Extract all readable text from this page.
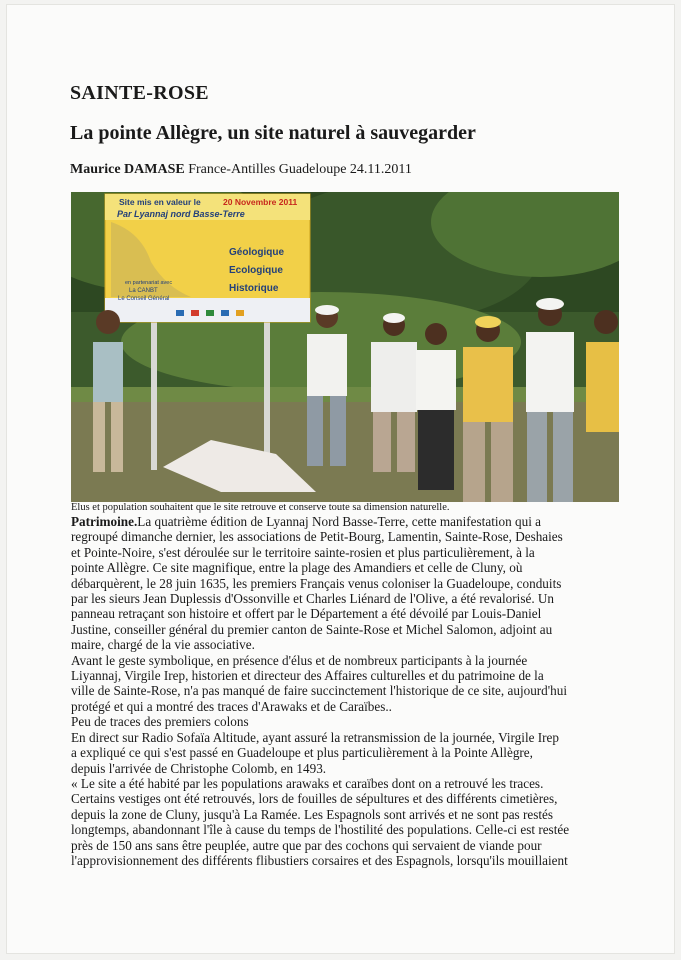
SAINTE-ROSE
La pointe Allègre, un site naturel à sauvegarder
Maurice DAMASE France-Antilles Guadeloupe 24.11.2011
Site mis en valeur le	20 Novembre 2011
Par Lyannaj nord Basse-Terre
Géologique
Ecologique
Historique
en partenariat avec
La CANBT
Le Conseil Général
Elus et population souhaitent que le site retrouve et conserve toute sa dimension naturelle.

Patrimoine.La quatrième édition de Lyannaj Nord Basse-Terre, cette manifestation qui a

regroupé dimanche dernier, les associations de Petit-Bourg, Lamentin, Sainte-Rose, Deshaies

et Pointe-Noire, s'est déroulée sur le territoire sainte-rosien et plus particulièrement, à la

pointe Allègre. Ce site magnifique, entre la plage des Amandiers et celle de Cluny, où

débarquèrent, le 28 juin 1635, les premiers Français venus coloniser la Guadeloupe, conduits

par les sieurs Jean Duplessis d'Ossonville et Charles Liénard de l'Olive, a été revalorisé. Un

panneau retraçant son histoire et offert par le Département a été dévoilé par Louis-Daniel

Justine, conseiller général du premier canton de Sainte-Rose et Michel Salomon, adjoint au

maire, chargé de la vie associative.

Avant le geste symbolique, en présence d'élus et de nombreux participants à la journée

Liyannaj, Virgile Irep, historien et directeur des Affaires culturelles et du patrimoine de la

ville de Sainte-Rose, n'a pas manqué de faire succinctement l'historique de ce site, aujourd'hui

protégé et qui a montré des traces d'Arawaks et de Caraïbes..

Peu de traces des premiers colons

En direct sur Radio Sofaïa Altitude, ayant assuré la retransmission de la journée, Virgile Irep

a expliqué ce qui s'est passé en Guadeloupe et plus particulièrement à la Pointe Allègre,

depuis l'arrivée de Christophe Colomb, en 1493.

« Le site a été habité par les populations arawaks et caraïbes dont on a retrouvé les traces.

Certains vestiges ont été retrouvés, lors de fouilles de sépultures et des différents cimetières,

depuis la zone de Cluny, jusqu'à La Ramée. Les Espagnols sont arrivés et ne sont pas restés

longtemps, abandonnant l'île à cause du temps de l'hostilité des populations. Celle-ci est restée

près de 150 ans sans être peuplée, autre que par des cochons qui servaient de viande pour

l'approvisionnement des différents flibustiers corsaires et des Espagnols, lorsqu'ils mouillaient
